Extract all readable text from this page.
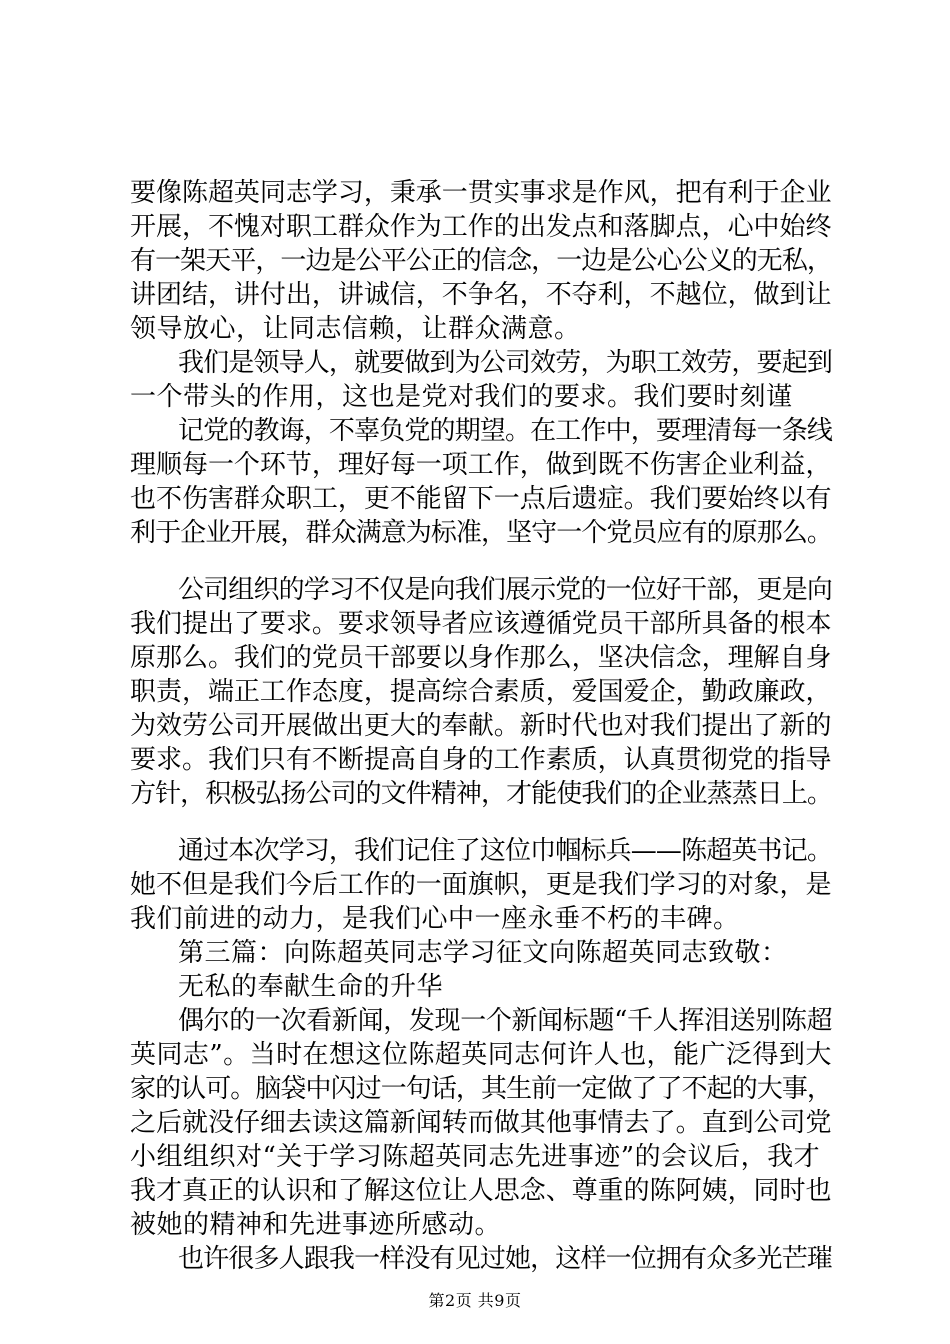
要像陈超英同志学习，秉承一贯实事求是作风，把有利于企业
开展，不愧对职工群众作为工作的出发点和落脚点，心中始终
有一架天平，一边是公平公正的信念，一边是公心公义的无私，
讲团结，讲付出，讲诚信，不争名，不夺利，不越位，做到让
领导放心，让同志信赖，让群众满意。
我们是领导人，就要做到为公司效劳，为职工效劳，要起到
一个带头的作用，这也是党对我们的要求。我们要时刻谨
记党的教诲，不辜负党的期望。在工作中，要理清每一条线
理顺每一个环节，理好每一项工作，做到既不伤害企业利益，
也不伤害群众职工，更不能留下一点后遗症。我们要始终以有
利于企业开展，群众满意为标准，坚守一个党员应有的原那么。
公司组织的学习不仅是向我们展示党的一位好干部，更是向
我们提出了要求。要求领导者应该遵循党员干部所具备的根本
原那么。我们的党员干部要以身作那么，坚决信念，理解自身
职责，端正工作态度，提高综合素质，爱国爱企，勤政廉政，
为效劳公司开展做出更大的奉献。新时代也对我们提出了新的
要求。我们只有不断提高自身的工作素质，认真贯彻党的指导
方针，积极弘扬公司的文件精神，才能使我们的企业蒸蒸日上。
通过本次学习，我们记住了这位巾帼标兵——陈超英书记。
她不但是我们今后工作的一面旗帜，更是我们学习的对象，是
我们前进的动力，是我们心中一座永垂不朽的丰碑。
第三篇：向陈超英同志学习征文向陈超英同志致敬：
无私的奉献生命的升华
偶尔的一次看新闻，发现一个新闻标题“千人挥泪送别陈超
英同志”。当时在想这位陈超英同志何许人也，能广泛得到大
家的认可。脑袋中闪过一句话，其生前一定做了了不起的大事，
之后就没仔细去读这篇新闻转而做其他事情去了。直到公司党
小组组织对“关于学习陈超英同志先进事迹”的会议后，我才
我才真正的认识和了解这位让人思念、尊重的陈阿姨，同时也
被她的精神和先进事迹所感动。
也许很多人跟我一样没有见过她，这样一位拥有众多光芒璀
第2页 共9页
